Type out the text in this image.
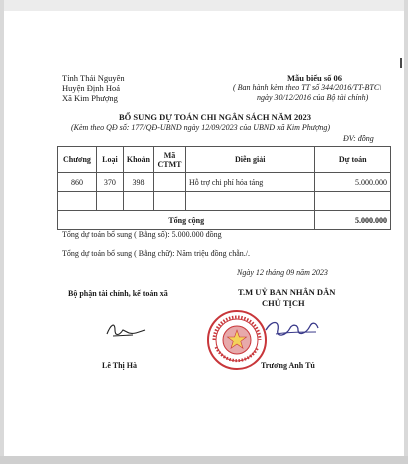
Tỉnh Thái Nguyên
Huyện Định Hoá
Xã Kim Phượng
Mẫu biểu số 06
( Ban hành kèm theo TT số 344/2016/TT-BTC\
ngày 30/12/2016 của Bộ tài chính)
BỔ SUNG DỰ TOÁN CHI NGÂN SÁCH NĂM 2023
(Kèm theo QĐ số: 177/QĐ-UBND ngày 12/09/2023 của UBND xã Kim Phượng)
ĐV: đồng
Chương	Loại	Khoản	Mã CTMT	Diễn giải	Dự toán
860	370	398		Hỗ trợ chi phí hỏa táng	5.000.000

Tổng cộng					5.000.000
Tổng dự toán bổ sung ( Bằng số): 5.000.000 đồng
Tổng dự toán bổ sung ( Bằng chữ): Năm triệu đồng chẵn./.
Ngày 12 tháng 09 năm 2023
Bộ phận tài chính, kế toán xã	T.M UỶ BAN NHÂN DÂN
CHỦ TỊCH
Lê Thị Hà	Trương Anh Tú
